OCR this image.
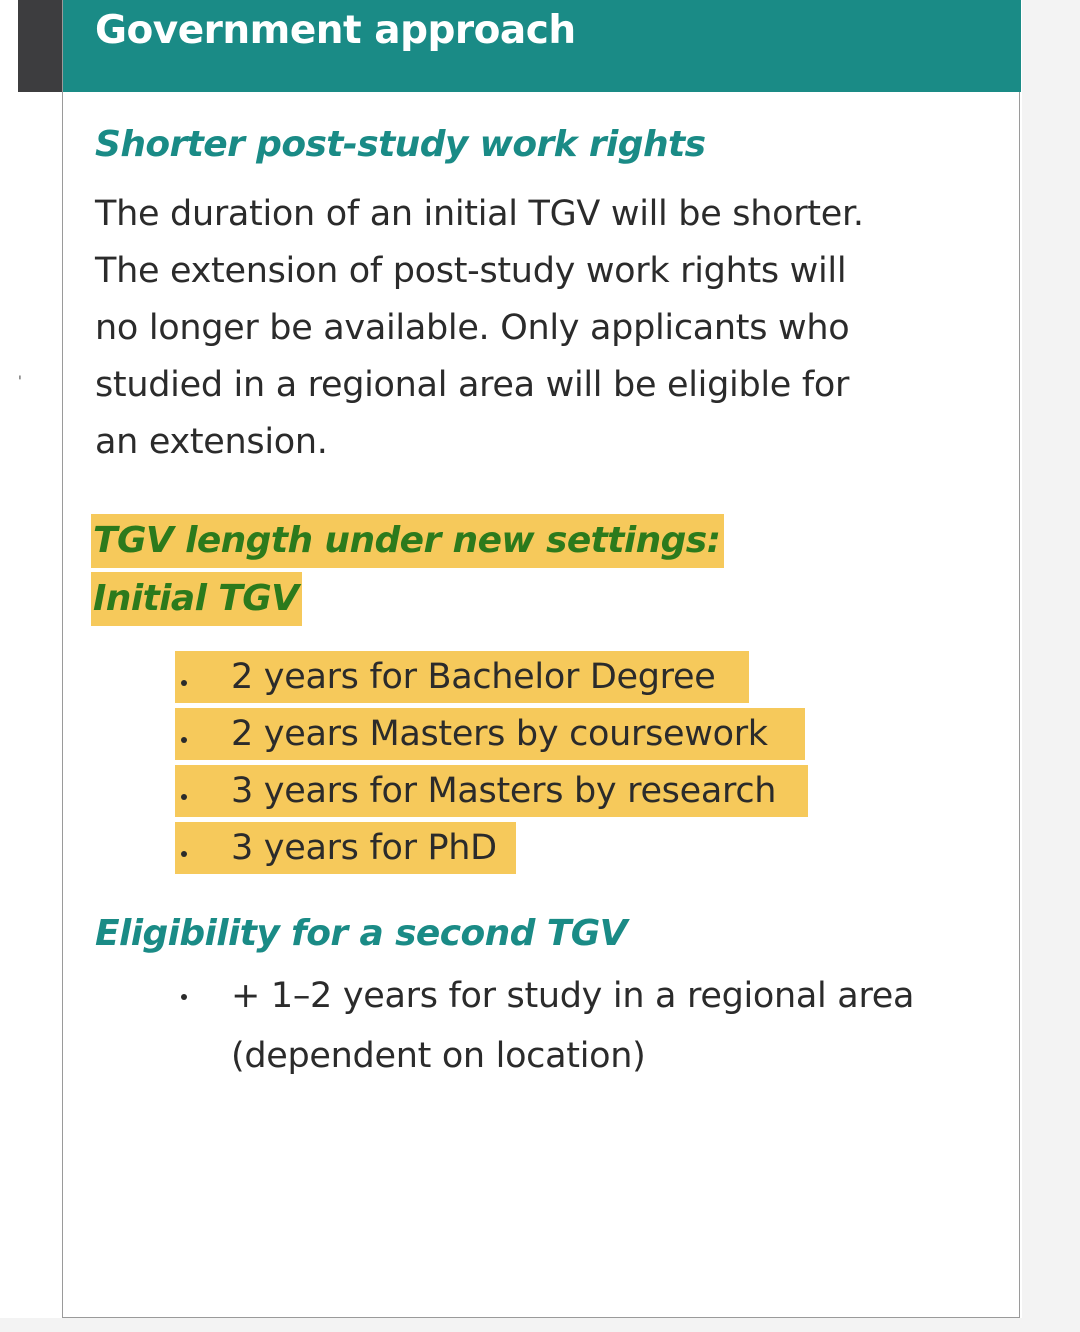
'
Government approach
Shorter post-study work rights
The duration of an initial TGV will be shorter.
The extension of post-study work rights will
no longer be available. Only applicants who
studied in a regional area will be eligible for
an extension.
TGV length under new settings:
Initial TGV
2 years for Bachelor Degree
2 years Masters by coursework
3 years for Masters by research
3 years for PhD
Eligibility for a second TGV
+ 1–2 years for study in a regional area
(dependent on location)
